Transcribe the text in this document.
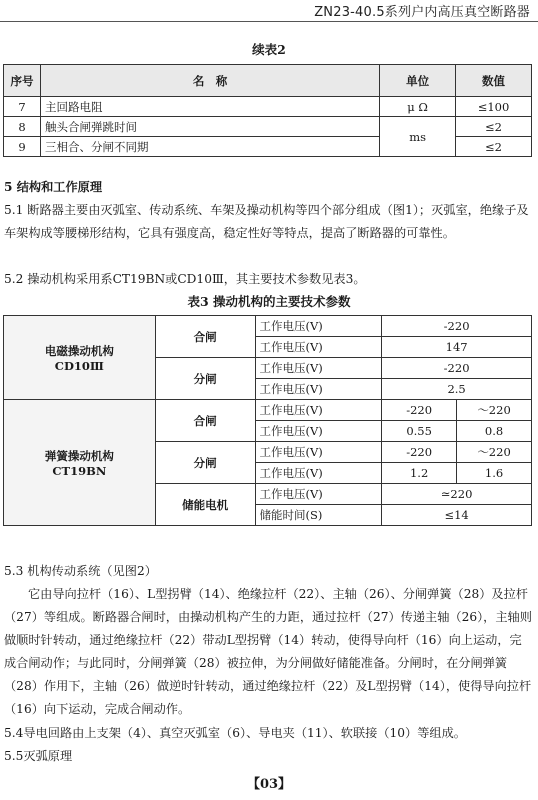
ZN23-40.5系列户内高压真空断路器
续表2
序号	名　称	单位	数值
7	主回路电阻	μ Ω	≤100
8	触头合闸弹跳时间	ms	≤2
9	三相合、分闸不同期		≤2
5 结构和工作原理
5.1 断路器主要由灭弧室、传动系统、车架及操动机构等四个部分组成（图1）；灭弧室，绝缘子及车架构成等腰梯形结构，它具有强度高，稳定性好等特点，提高了断路器的可靠性。
5.2 操动机构采用系CT19BN或CD10Ⅲ，其主要技术参数见表3。
表3 操动机构的主要技术参数
电磁操动机构
CD10Ⅲ	合闸	工作电压(V)	-220	
		工作电压(V)	147	
	分闸	工作电压(V)	-220	
		工作电压(V)	2.5	

弹簧操动机构
CT19BN	合闸	工作电压(V)	-220	～220
		工作电压(V)	0.55	0.8
	分闸	工作电压(V)	-220	～220
		工作电压(V)	1.2	1.6
	储能电机	工作电压(V)	≃220	
		储能时间(S)	≤14	
5.3 机构传动系统（见图2）
它由导向拉杆（16）、L型拐臂（14）、绝缘拉杆（22）、主轴（26）、分闸弹簧（28）及拉杆（27）等组成。断路器合闸时，由操动机构产生的力距，通过拉杆（27）传递主轴（26），主轴则做顺时针转动，通过绝缘拉杆（22）带动L型拐臂（14）转动，使得导向杆（16）向上运动，完成合闸动作；与此同时，分闸弹簧（28）被拉伸，为分闸做好储能准备。分闸时，在分闸弹簧（28）作用下，主轴（26）做逆时针转动，通过绝缘拉杆（22）及L型拐臂（14），使得导向拉杆（16）向下运动，完成合闸动作。
5.4导电回路由上支架（4）、真空灭弧室（6）、导电夹（11）、软联接（10）等组成。
5.5灭弧原理
【03】
